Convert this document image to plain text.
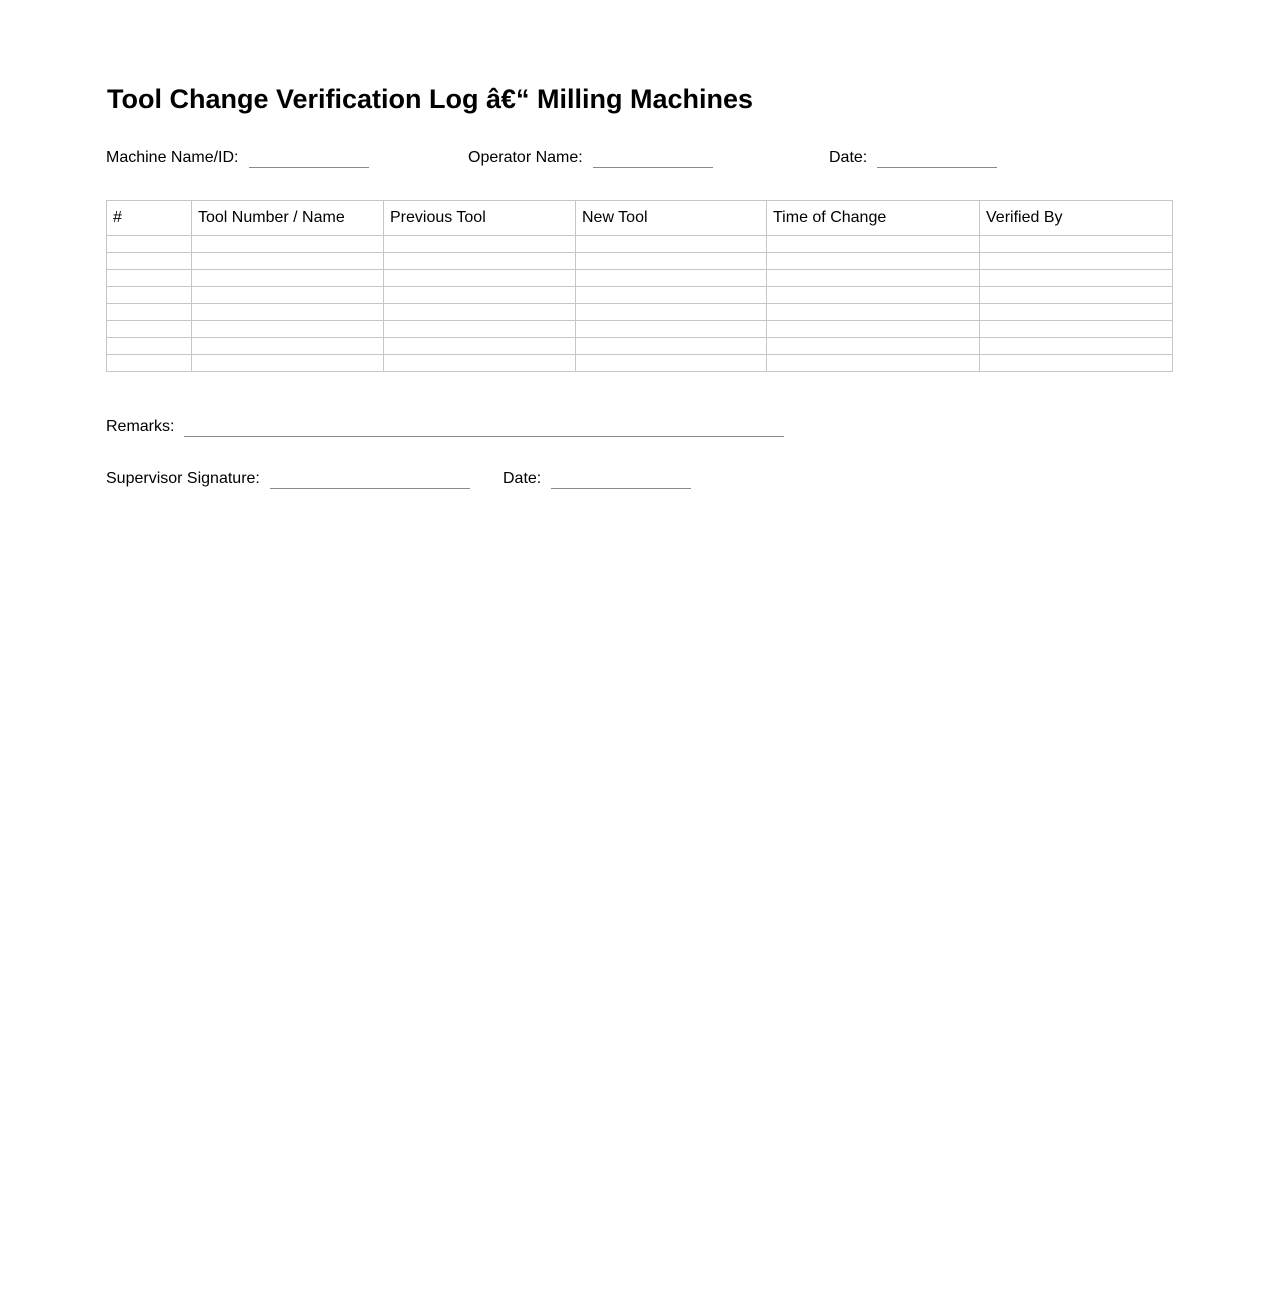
Tool Change Verification Log â€“ Milling Machines
Machine Name/ID:	Operator Name:	Date:
#	Tool Number / Name	Previous Tool	New Tool	Time of Change	Verified By

Remarks:
Supervisor Signature:	Date:
